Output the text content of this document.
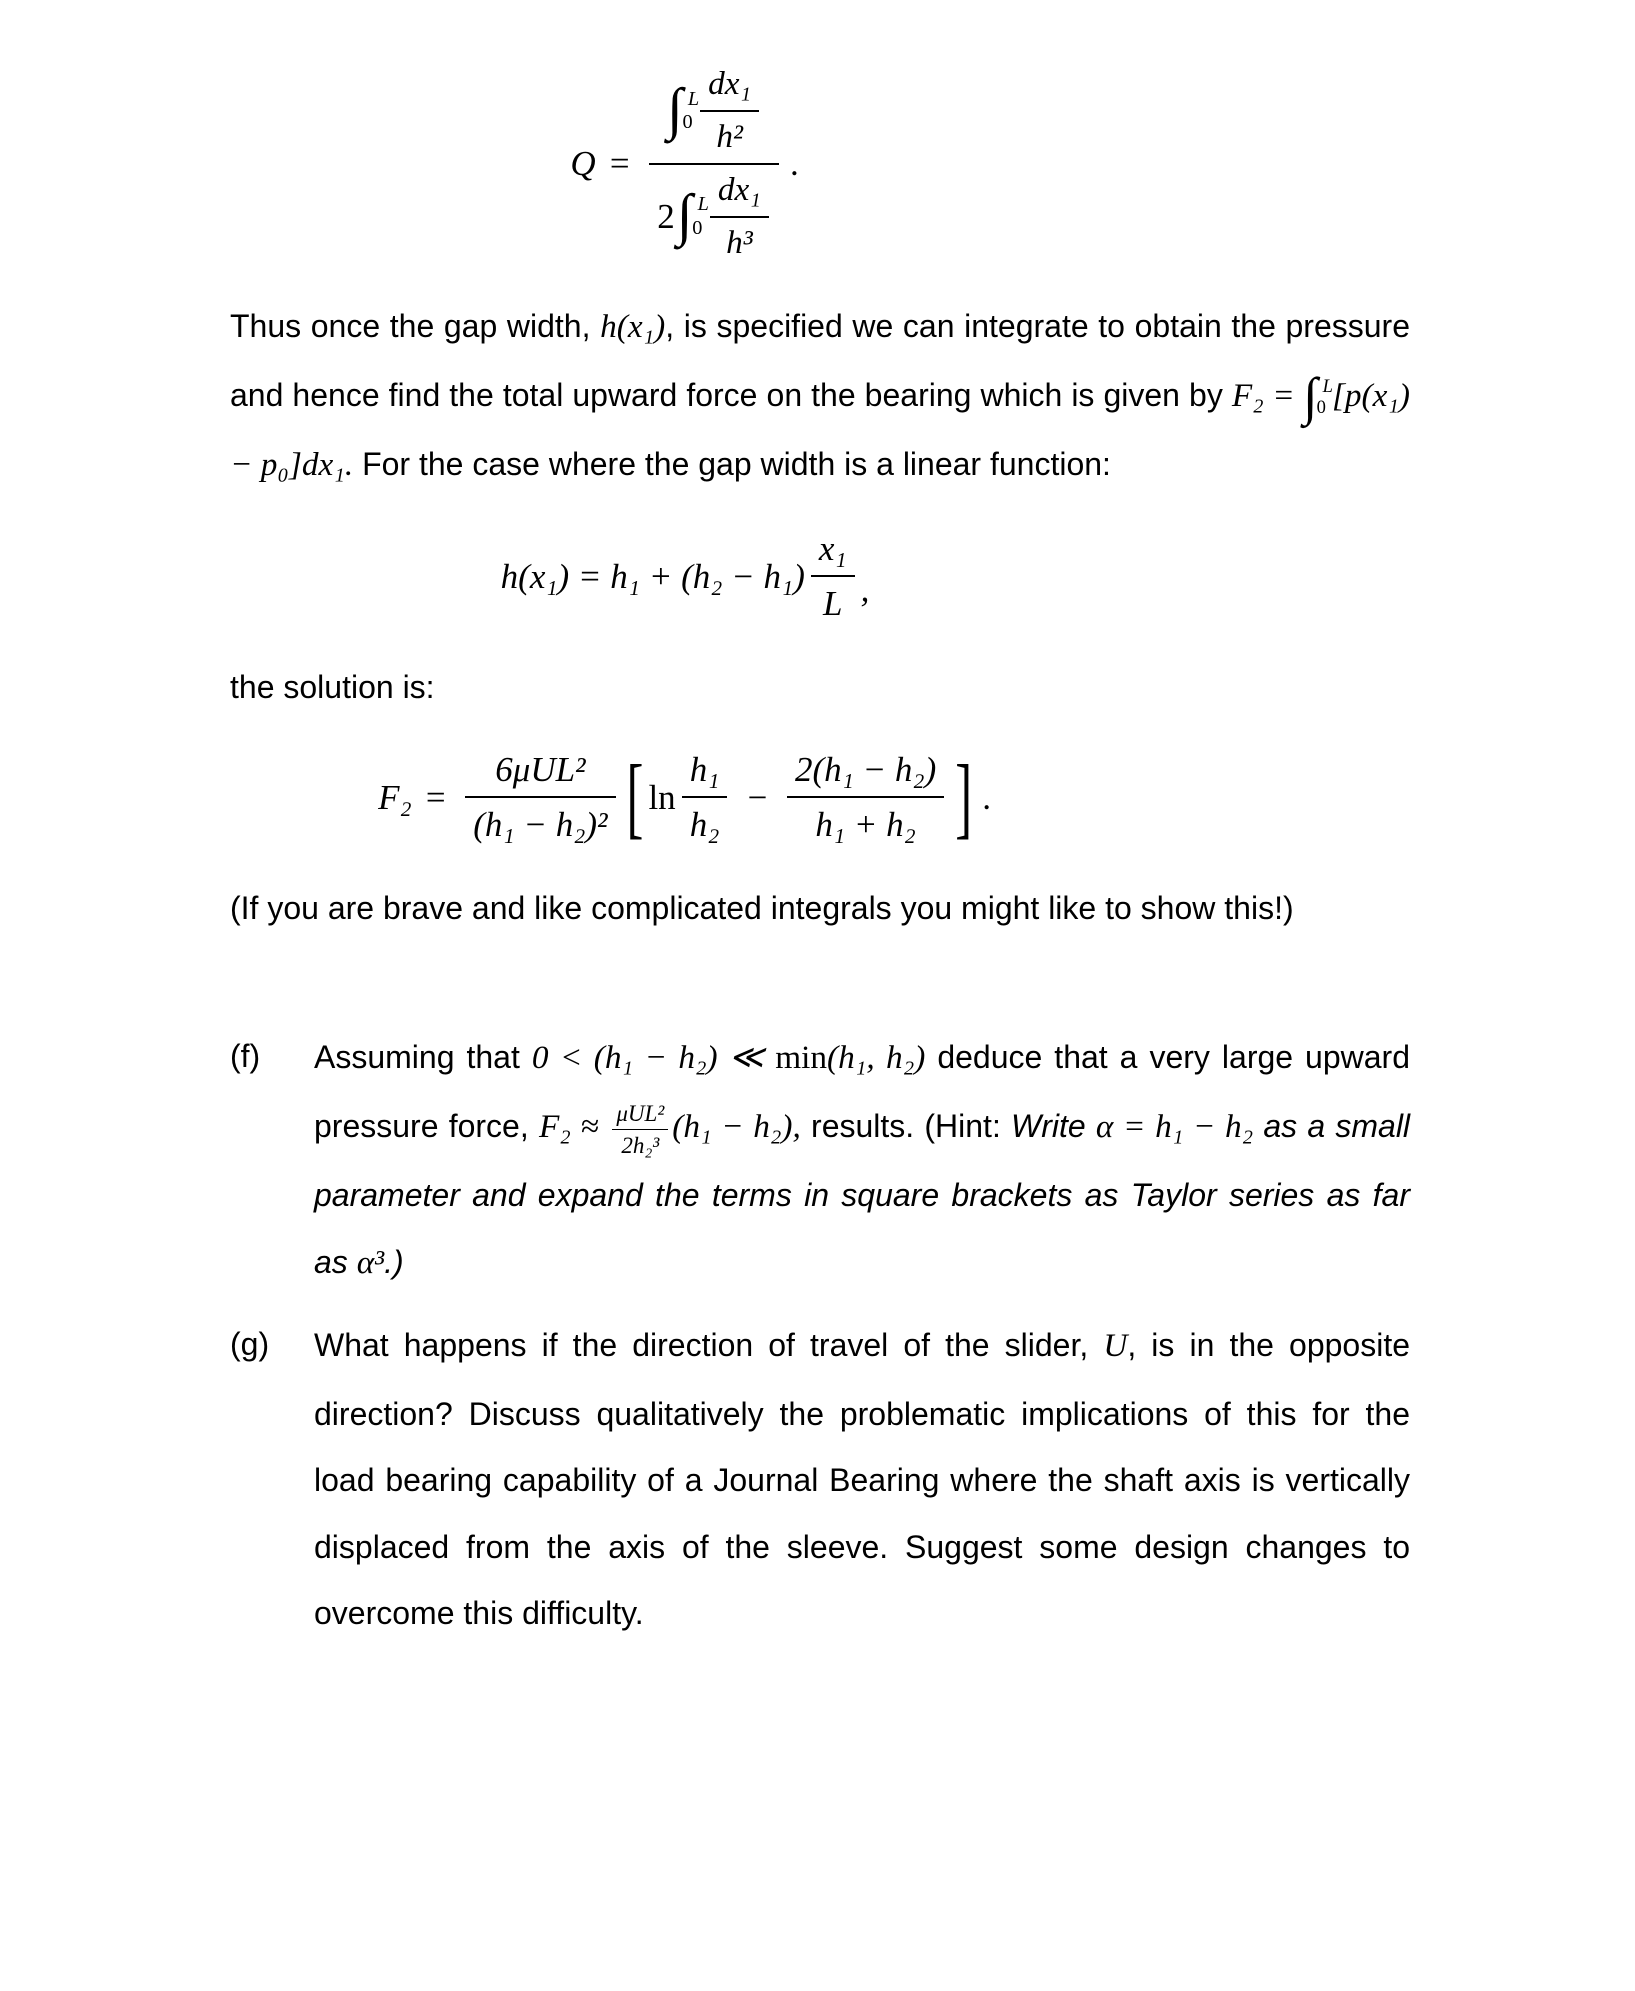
Q =
∫ L
$0 \frac{\text{dx₁}}{\text{h²}}$
2 ∫ L
$0 \frac{\text{dx₁}}{\text{h³}}$
.

Thus once the gap width, h(x₁), is specified we can integrate to obtain the pressure and hence find the total upward force on the bearing which is given by F₂ = ∫ L
0 [p(x₁) − p₀]dx₁. For the case where the gap width is a linear function:

$h(x_1) = h_1 + (h_2 - h_1) \frac{\text{x₁}}{L}$ ,

the solution is:

$F_2 = \frac{\text{6μUL²}}{\text{(h₁ − h₂)²}}$ [ $\ln \frac{\text{h₁}}{\text{h₂}} - \frac{\text{2(h₁ − h₂)}}{\text{h₁ + h₂}}$ ] .

(If you are brave and like complicated integrals you might like to show this!)

(f)	Assuming that 0 < (h₁ − h₂) ≪ min(h₁, h₂) deduce that a very large upward pressure force, F₂ ≈ μUL²
2h₂³ (h₁ − h₂), results. (Hint: Write α = h₁ − h₂ as a small parameter and expand the terms in square brackets as Taylor series as far as α³.)
(g)	What happens if the direction of travel of the slider, U, is in the opposite direction? Discuss qualitatively the problematic implications of this for the load bearing capability of a Journal Bearing where the shaft axis is vertically displaced from the axis of the sleeve. Suggest some design changes to overcome this difficulty.
